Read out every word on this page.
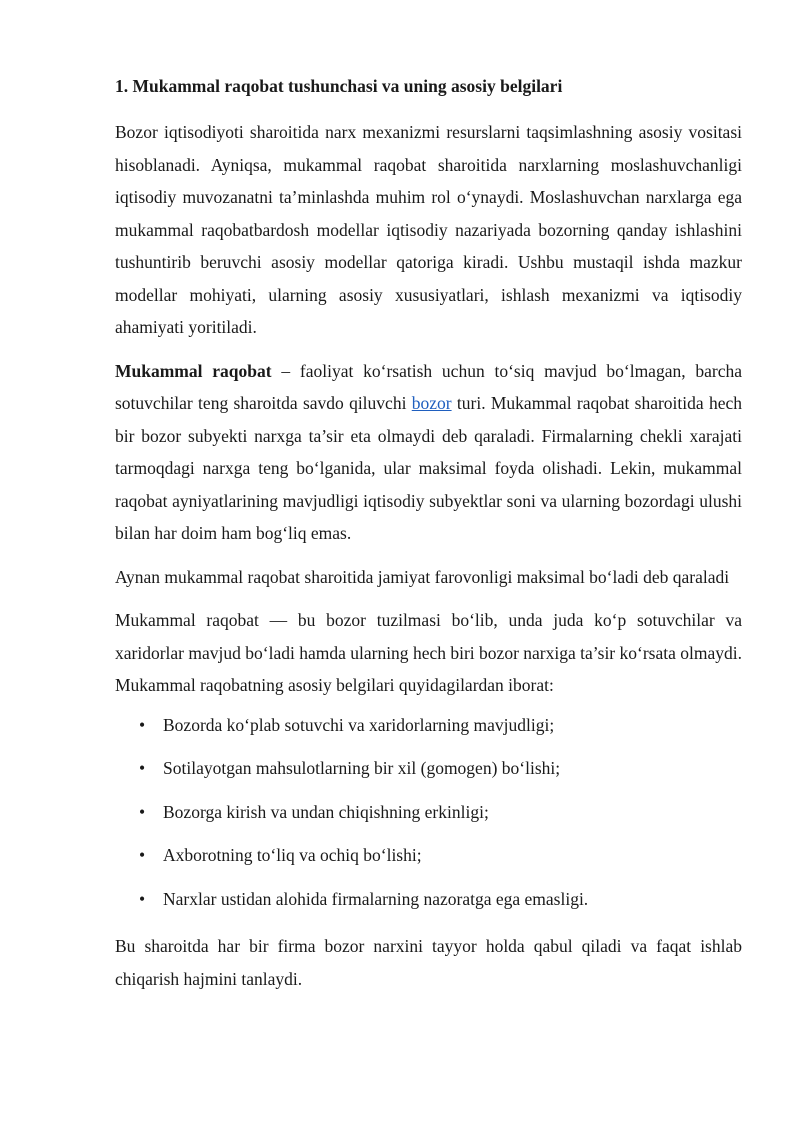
1. Mukammal raqobat tushunchasi va uning asosiy belgilari

Bozor iqtisodiyoti sharoitida narx mexanizmi resurslarni taqsimlashning asosiy vositasi hisoblanadi. Ayniqsa, mukammal raqobat sharoitida narxlarning moslashuvchanligi iqtisodiy muvozanatni ta’minlashda muhim rol o‘ynaydi. Moslashuvchan narxlarga ega mukammal raqobatbardosh modellar iqtisodiy nazariyada bozorning qanday ishlashini tushuntirib beruvchi asosiy modellar qatoriga kiradi. Ushbu mustaqil ishda mazkur modellar mohiyati, ularning asosiy xususiyatlari, ishlash mexanizmi va iqtisodiy ahamiyati yoritiladi.

Mukammal raqobat – faoliyat ko‘rsatish uchun to‘siq mavjud bo‘lmagan, barcha sotuvchilar teng sharoitda savdo qiluvchi bozor turi. Mukammal raqobat sharoitida hech bir bozor subyekti narxga ta’sir eta olmaydi deb qaraladi. Firmalarning chekli xarajati tarmoqdagi narxga teng bo‘lganida, ular maksimal foyda olishadi. Lekin, mukammal raqobat ayniyatlarining mavjudligi iqtisodiy subyektlar soni va ularning bozordagi ulushi bilan har doim ham bog‘liq emas.

Aynan mukammal raqobat sharoitida jamiyat farovonligi maksimal bo‘ladi deb qaraladi

Mukammal raqobat — bu bozor tuzilmasi bo‘lib, unda juda ko‘p sotuvchilar va xaridorlar mavjud bo‘ladi hamda ularning hech biri bozor narxiga ta’sir ko‘rsata olmaydi. Mukammal raqobatning asosiy belgilari quyidagilardan iborat:

• Bozorda ko‘plab sotuvchi va xaridorlarning mavjudligi;
• Sotilayotgan mahsulotlarning bir xil (gomogen) bo‘lishi;
• Bozorga kirish va undan chiqishning erkinligi;
• Axborotning to‘liq va ochiq bo‘lishi;
• Narxlar ustidan alohida firmalarning nazoratga ega emasligi.

Bu sharoitda har bir firma bozor narxini tayyor holda qabul qiladi va faqat ishlab chiqarish hajmini tanlaydi.
